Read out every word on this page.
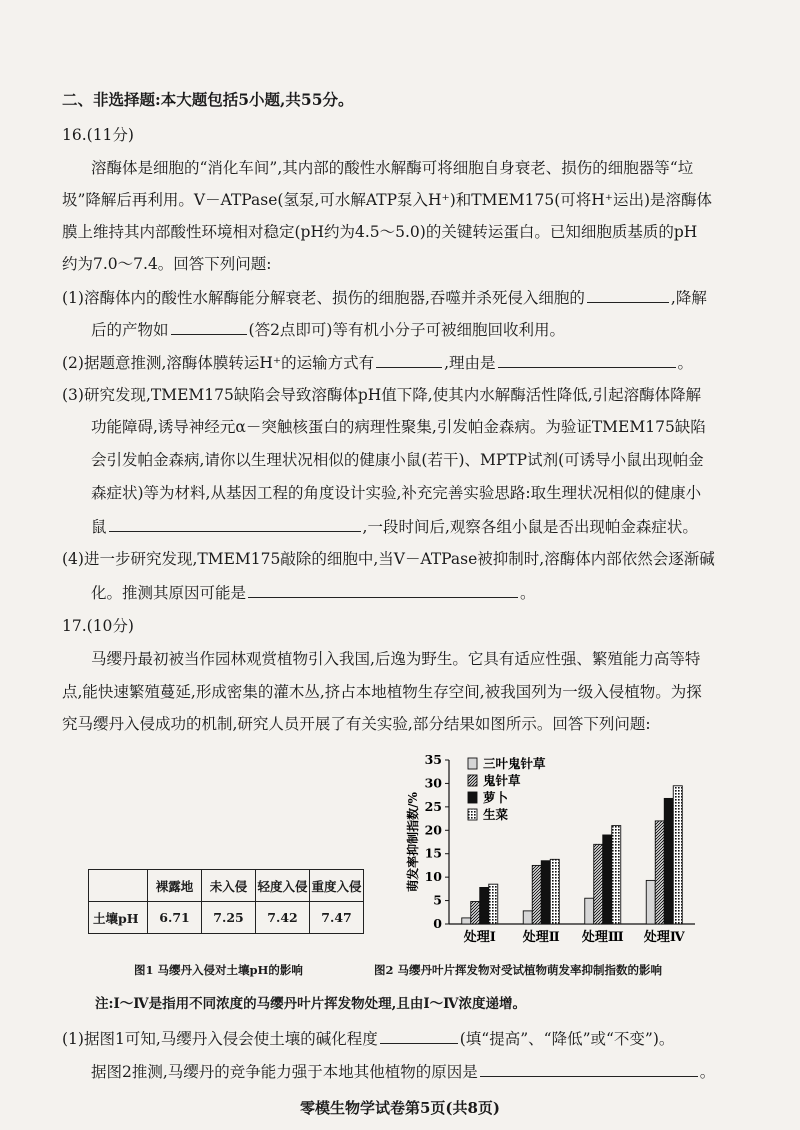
二、非选择题:本大题包括5小题,共55分。
16.(11分)
溶酶体是细胞的“消化车间”,其内部的酸性水解酶可将细胞自身衰老、损伤的细胞器等“垃
圾”降解后再利用。V－ATPase(氢泵,可水解ATP泵入H⁺)和TMEM175(可将H⁺运出)是溶酶体
膜上维持其内部酸性环境相对稳定(pH约为4.5～5.0)的关键转运蛋白。已知细胞质基质的pH
约为7.0～7.4。回答下列问题:
(1)溶酶体内的酸性水解酶能分解衰老、损伤的细胞器,吞噬并杀死侵入细胞的	,降解
后的产物如	(答2点即可)等有机小分子可被细胞回收利用。
(2)据题意推测,溶酶体膜转运H⁺的运输方式有	,理由是	。
(3)研究发现,TMEM175缺陷会导致溶酶体pH值下降,使其内水解酶活性降低,引起溶酶体降解
功能障碍,诱导神经元α－突触核蛋白的病理性聚集,引发帕金森病。为验证TMEM175缺陷
会引发帕金森病,请你以生理状况相似的健康小鼠(若干)、MPTP试剂(可诱导小鼠出现帕金
森症状)等为材料,从基因工程的角度设计实验,补充完善实验思路:取生理状况相似的健康小
鼠	,一段时间后,观察各组小鼠是否出现帕金森症状。
(4)进一步研究发现,TMEM175敲除的细胞中,当V－ATPase被抑制时,溶酶体内部依然会逐渐碱
化。推测其原因可能是	。
17.(10分)
马缨丹最初被当作园林观赏植物引入我国,后逸为野生。它具有适应性强、繁殖能力高等特
点,能快速繁殖蔓延,形成密集的灌木丛,挤占本地植物生存空间,被我国列为一级入侵植物。为探
究马缨丹入侵成功的机制,研究人员开展了有关实验,部分结果如图所示。回答下列问题:
	裸露地	未入侵	轻度入侵	重度入侵
土壤pH	6.71	7.25	7.42	7.47	0
5
10
15
20
25
30
35
萌发率抑制指数/%
处理Ⅰ 处理Ⅱ 处理Ⅲ 处理Ⅳ
三叶鬼针草
鬼针草
萝卜
生菜
图1 马缨丹入侵对土壤pH的影响	图2 马缨丹叶片挥发物对受试植物萌发率抑制指数的影响
注:Ⅰ～Ⅳ是指用不同浓度的马缨丹叶片挥发物处理,且由Ⅰ～Ⅳ浓度递增。
(1)据图1可知,马缨丹入侵会使土壤的碱化程度	(填“提高”、“降低”或“不变”)。
据图2推测,马缨丹的竞争能力强于本地其他植物的原因是	。
零模生物学试卷第5页(共8页)
